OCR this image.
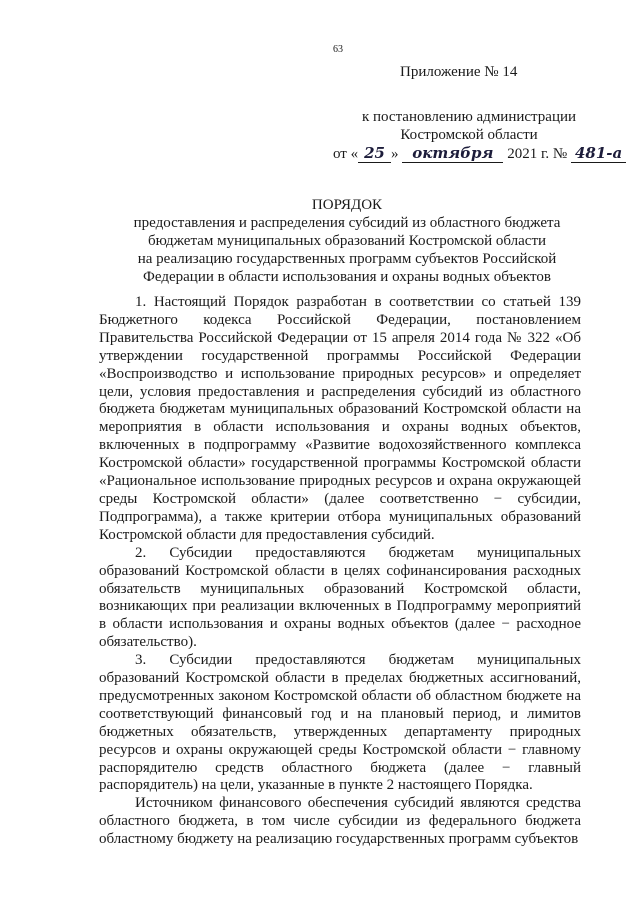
63
Приложение № 14
к постановлению администрации
Костромской области
от « 25 » октября 2021 г. № 481-а
ПОРЯДОК
предоставления и распределения субсидий из областного бюджета
бюджетам муниципальных образований Костромской области
на реализацию государственных программ субъектов Российской
Федерации в области использования и охраны водных объектов

1. Настоящий Порядок разработан в соответствии со статьей 139 Бюджетного кодекса Российской Федерации, постановлением Правительства Российской Федерации от 15 апреля 2014 года № 322 «Об утверждении государственной программы Российской Федерации «Воспроизводство и использование природных ресурсов» и определяет цели, условия предоставления и распределения субсидий из областного бюджета бюджетам муниципальных образований Костромской области на мероприятия в области использования и охраны водных объектов, включенных в подпрограмму «Развитие водохозяйственного комплекса Костромской области» государственной программы Костромской области «Рациональное использование природных ресурсов и охрана окружающей среды Костромской области» (далее соответственно − субсидии, Подпрограмма), а также критерии отбора муниципальных образований Костромской области для предоставления субсидий.

2. Субсидии предоставляются бюджетам муниципальных образований Костромской области в целях софинансирования расходных обязательств муниципальных образований Костромской области, возникающих при реализации включенных в Подпрограмму мероприятий в области использования и охраны водных объектов (далее − расходное обязательство).

3. Субсидии предоставляются бюджетам муниципальных образований Костромской области в пределах бюджетных ассигнований, предусмотренных законом Костромской области об областном бюджете на соответствующий финансовый год и на плановый период, и лимитов бюджетных обязательств, утвержденных департаменту природных ресурсов и охраны окружающей среды Костромской области − главному распорядителю средств областного бюджета (далее − главный распорядитель) на цели, указанные в пункте 2 настоящего Порядка.

Источником финансового обеспечения субсидий являются средства областного бюджета, в том числе субсидии из федерального бюджета областному бюджету на реализацию государственных программ субъектов
